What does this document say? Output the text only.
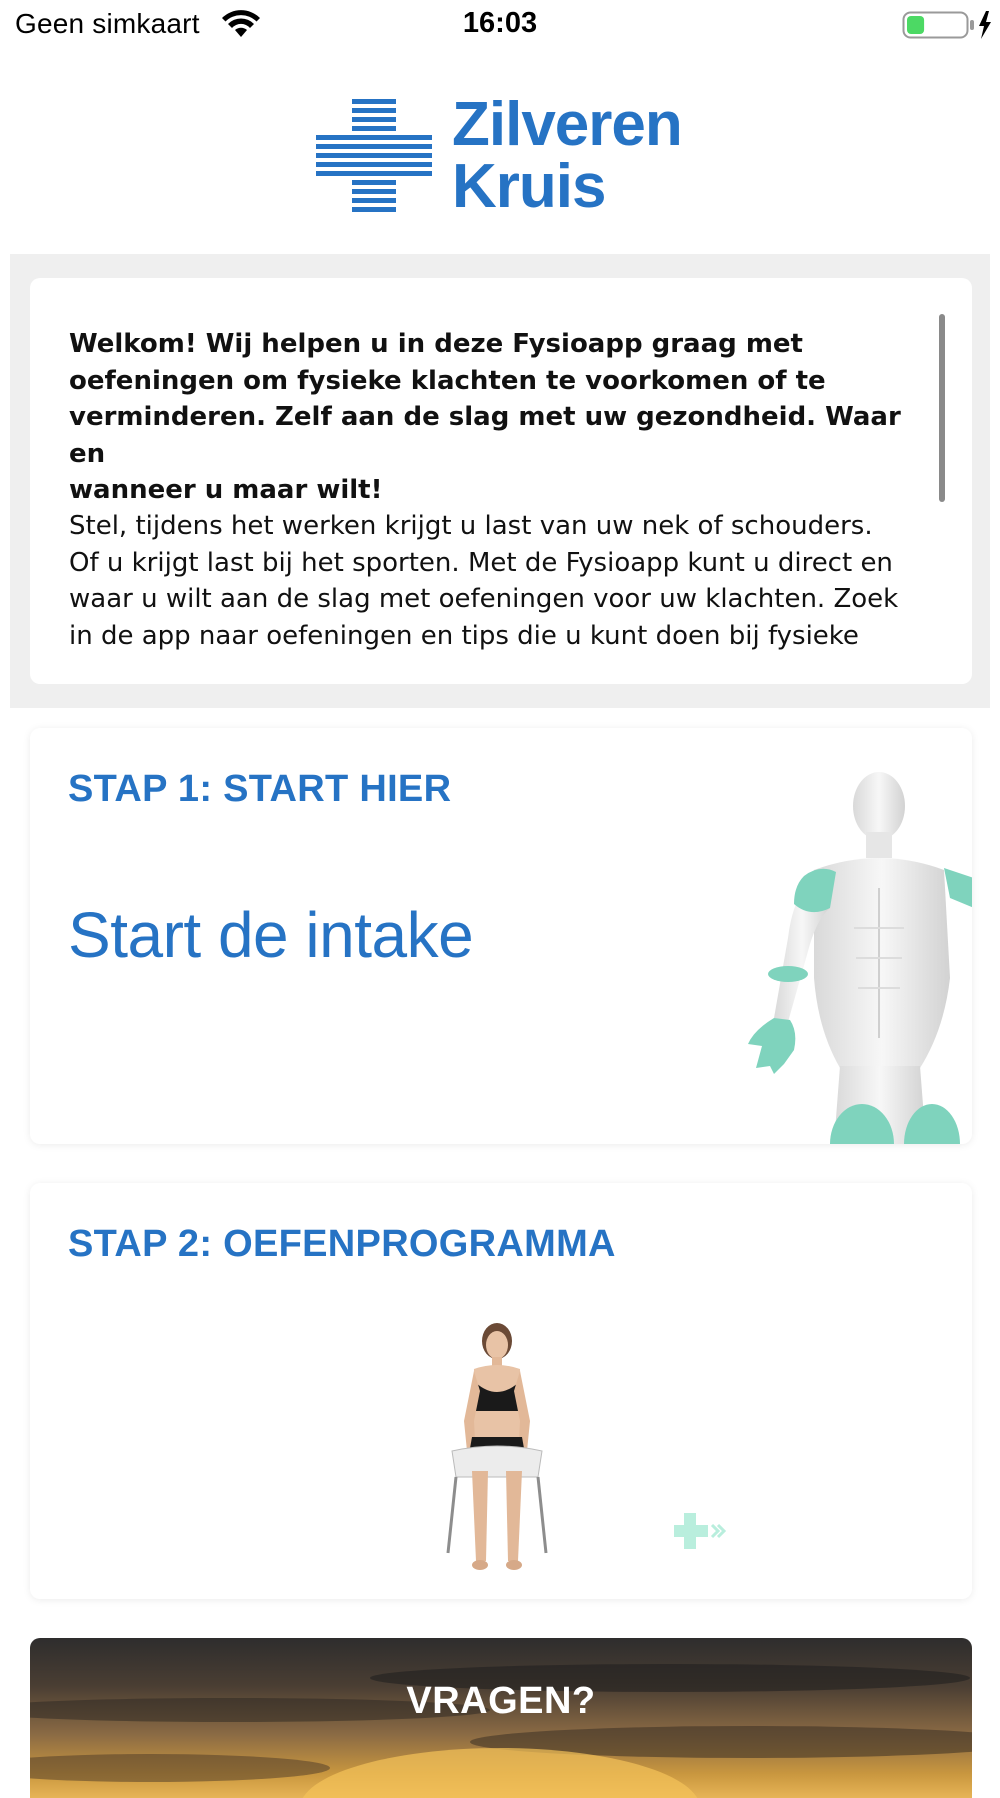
Geen simkaart	16:03
Zilveren
Kruis
Welkom! Wij helpen u in deze Fysioapp graag met
oefeningen om fysieke klachten te voorkomen of te
verminderen. Zelf aan de slag met uw gezondheid. Waar en
wanneer u maar wilt!
Stel, tijdens het werken krijgt u last van uw nek of schouders.
Of u krijgt last bij het sporten. Met de Fysioapp kunt u direct en
waar u wilt aan de slag met oefeningen voor uw klachten. Zoek
in de app naar oefeningen en tips die u kunt doen bij fysieke
STAP 1: START HIER
Start de intake
STAP 2: OEFENPROGRAMMA
VRAGEN?
